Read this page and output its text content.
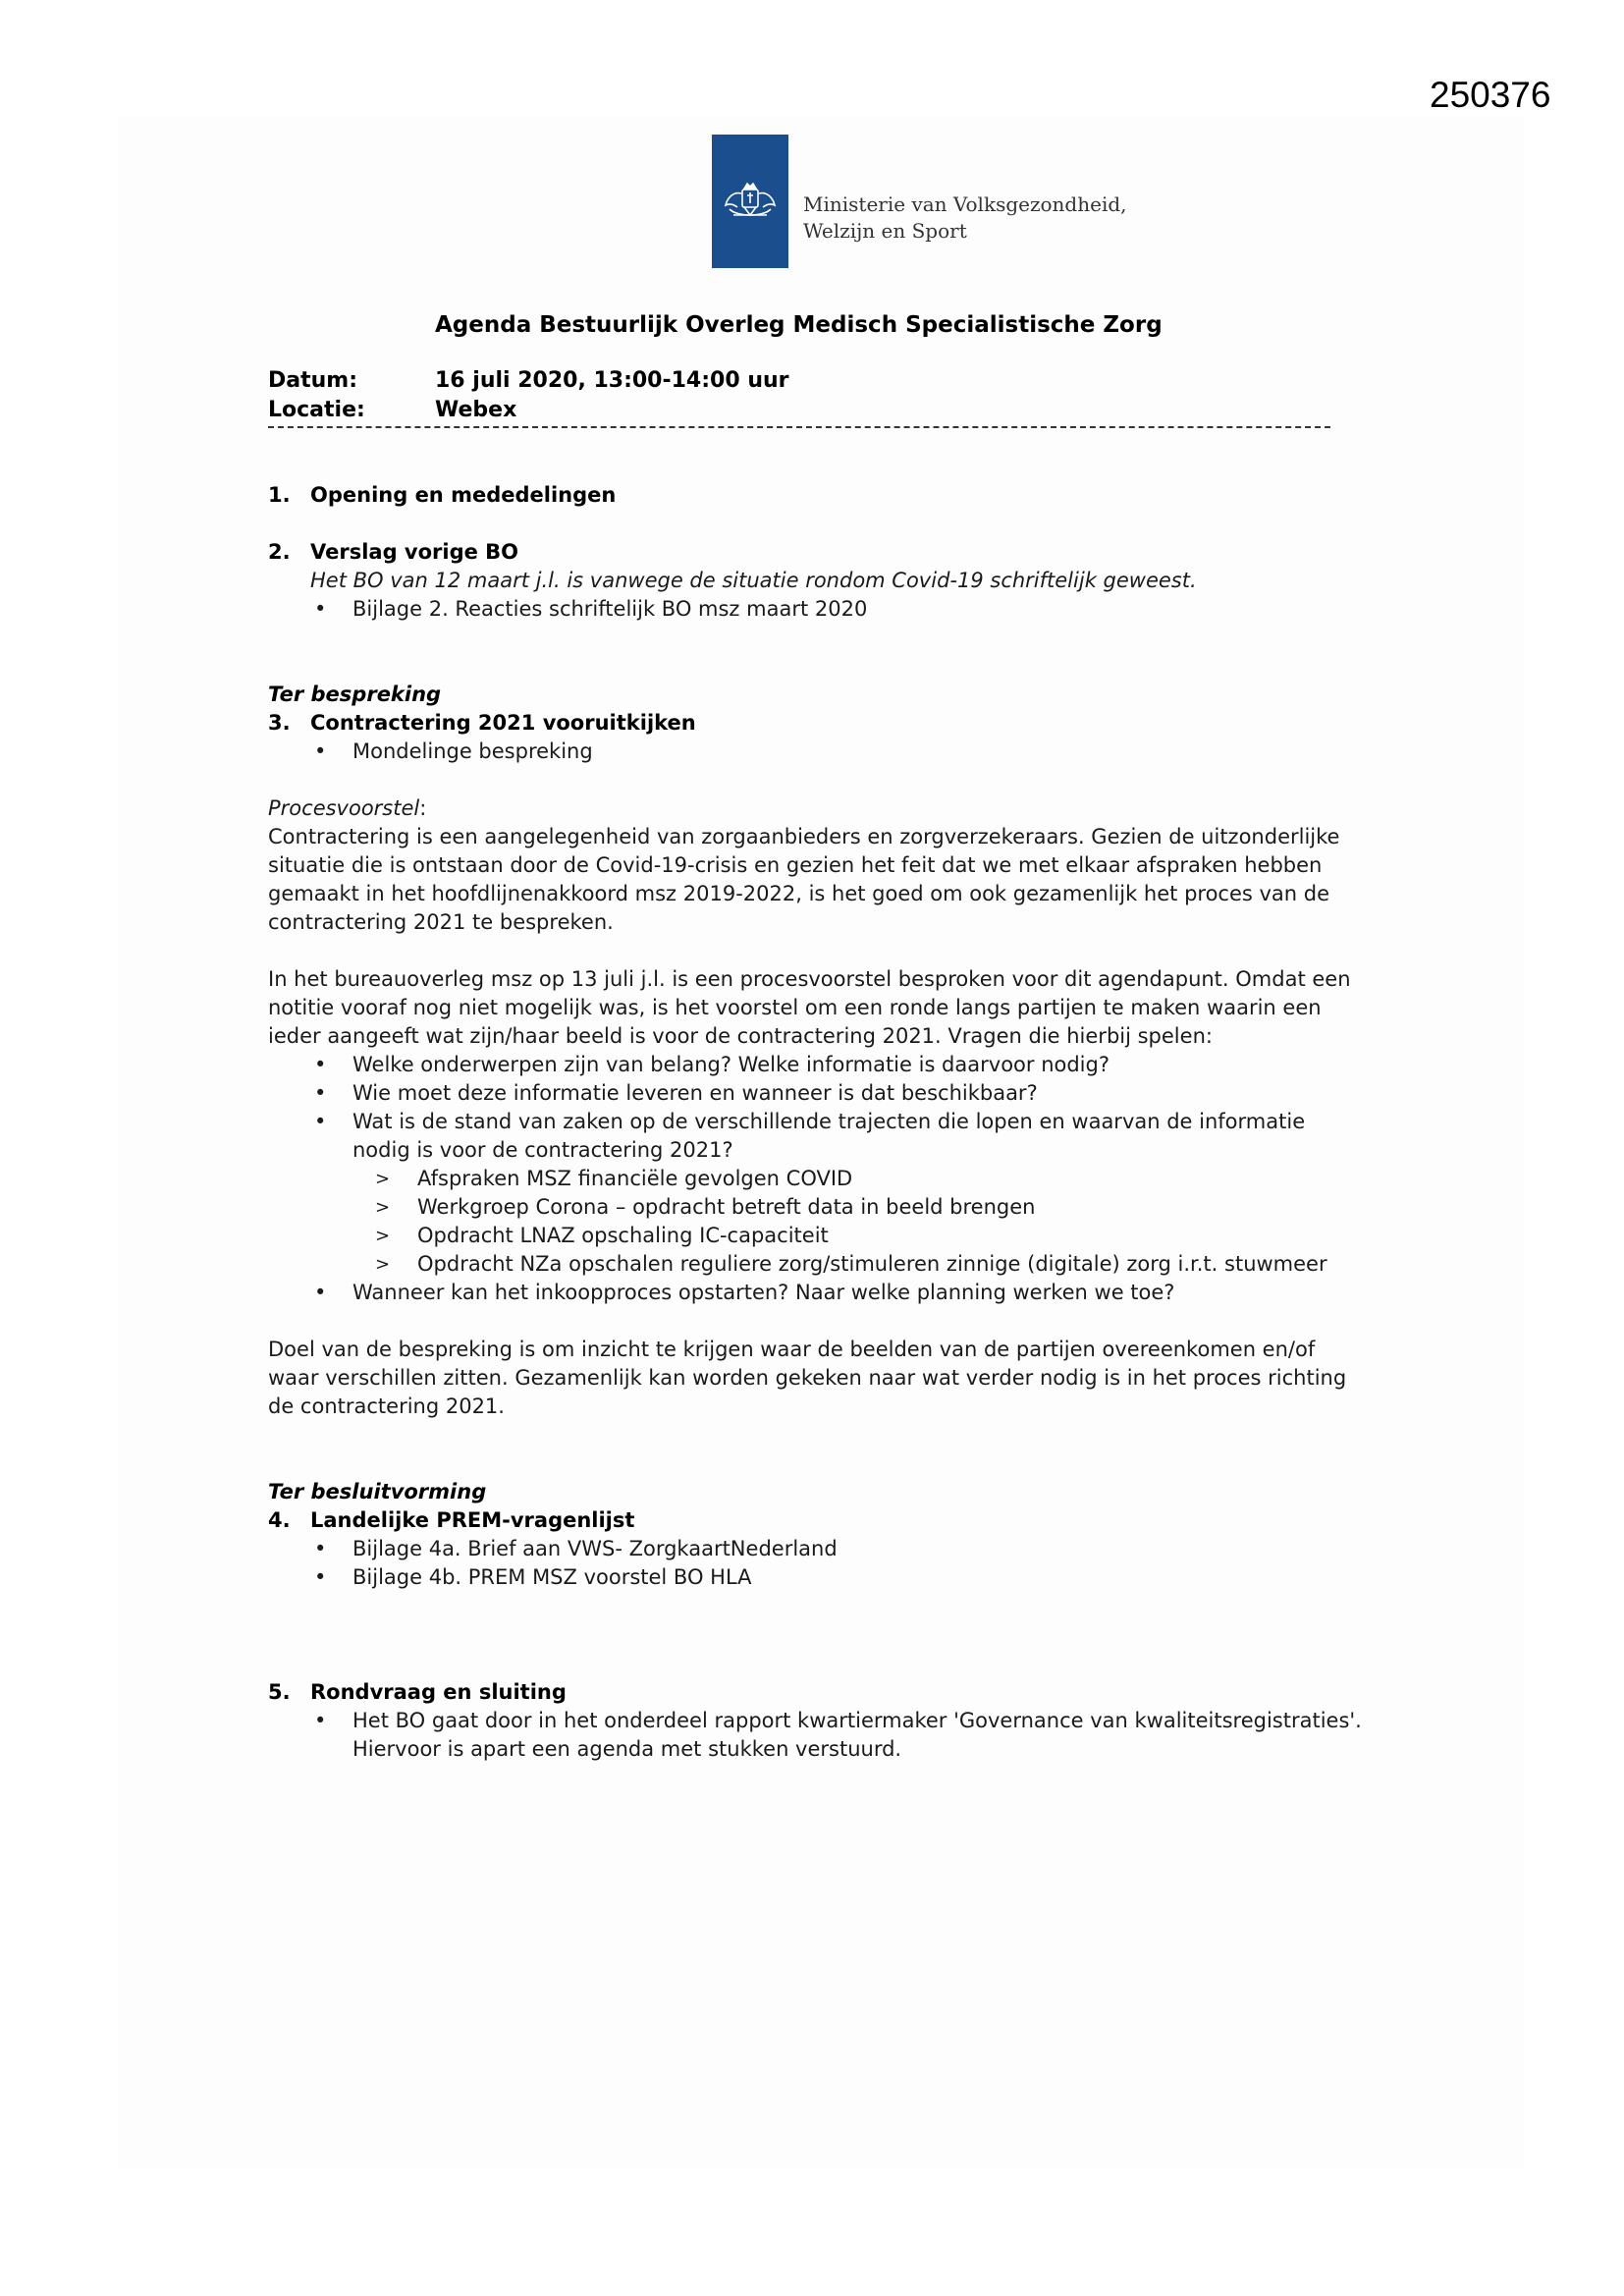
250376
Ministerie van Volksgezondheid,
Welzijn en Sport
Agenda Bestuurlijk Overleg Medisch Specialistische Zorg
Datum:	16 juli 2020, 13:00-14:00 uur
Locatie:	Webex
1. Opening en mededelingen
2. Verslag vorige BO

Het BO van 12 maart j.l. is vanwege de situatie rondom Covid-19 schriftelijk geweest.

• Bijlage 2. Reacties schriftelijk BO msz maart 2020

Ter bespreking

3. Contractering 2021 vooruitkijken
• Mondelinge bespreking

Procesvoorstel:

Contractering is een aangelegenheid van zorgaanbieders en zorgverzekeraars. Gezien de uitzonderlijke situatie die is ontstaan door de Covid-19-crisis en gezien het feit dat we met elkaar afspraken hebben gemaakt in het hoofdlijnenakkoord msz 2019-2022, is het goed om ook gezamenlijk het proces van de contractering 2021 te bespreken.

In het bureauoverleg msz op 13 juli j.l. is een procesvoorstel besproken voor dit agendapunt. Omdat een notitie vooraf nog niet mogelijk was, is het voorstel om een ronde langs partijen te maken waarin een ieder aangeeft wat zijn/haar beeld is voor de contractering 2021. Vragen die hierbij spelen:

• Welke onderwerpen zijn van belang? Welke informatie is daarvoor nodig?
• Wie moet deze informatie leveren en wanneer is dat beschikbaar?
• Wat is de stand van zaken op de verschillende trajecten die lopen en waarvan de informatie nodig is voor de contractering 2021?
> Afspraken MSZ financiële gevolgen COVID
> Werkgroep Corona – opdracht betreft data in beeld brengen
> Opdracht LNAZ opschaling IC-capaciteit
> Opdracht NZa opschalen reguliere zorg/stimuleren zinnige (digitale) zorg i.r.t. stuwmeer
• Wanneer kan het inkoopproces opstarten? Naar welke planning werken we toe?

Doel van de bespreking is om inzicht te krijgen waar de beelden van de partijen overeenkomen en/of waar verschillen zitten. Gezamenlijk kan worden gekeken naar wat verder nodig is in het proces richting de contractering 2021.

Ter besluitvorming

4. Landelijke PREM-vragenlijst
• Bijlage 4a. Brief aan VWS- ZorgkaartNederland
• Bijlage 4b. PREM MSZ voorstel BO HLA
5. Rondvraag en sluiting
• Het BO gaat door in het onderdeel rapport kwartiermaker 'Governance van kwaliteitsregistraties'. Hiervoor is apart een agenda met stukken verstuurd.
